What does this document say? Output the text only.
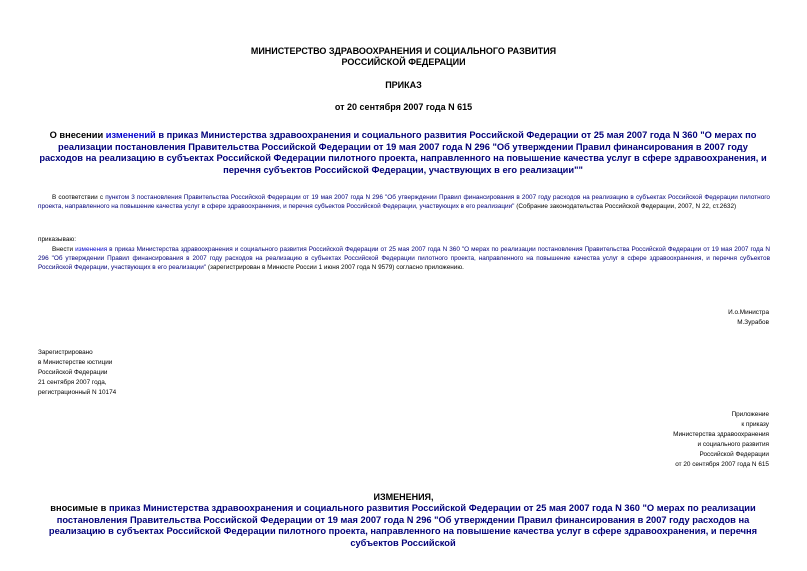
МИНИСТЕРСТВО ЗДРАВООХРАНЕНИЯ И СОЦИАЛЬНОГО РАЗВИТИЯ
РОССИЙСКОЙ ФЕДЕРАЦИИ
ПРИКАЗ
от 20 сентября 2007 года N 615
О внесении изменений в приказ Министерства здравоохранения и социального развития Российской Федерации от 25 мая 2007 года N 360 "О мерах по реализации постановления Правительства Российской Федерации от 19 мая 2007 года N 296 "Об утверждении Правил финансирования в 2007 году расходов на реализацию в субъектах Российской Федерации пилотного проекта, направленного на повышение качества услуг в сфере здравоохранения, и перечня субъектов Российской Федерации, участвующих в его реализации""
В соответствии с пунктом 3 постановления Правительства Российской Федерации от 19 мая 2007 года N 296 "Об утверждении Правил финансирования в 2007 году расходов на реализацию в субъектах Российской Федерации пилотного проекта, направленного на повышение качества услуг в сфере здравоохранения, и перечня субъектов Российской Федерации, участвующих в его реализации" (Собрание законодательства Российской Федерации, 2007, N 22, ст.2632)
приказываю:
Внести изменения в приказ Министерства здравоохранения и социального развития Российской Федерации от 25 мая 2007 года N 360 "О мерах по реализации постановления Правительства Российской Федерации от 19 мая 2007 года N 296 "Об утверждении Правил финансирования в 2007 году расходов на реализацию в субъектах Российской Федерации пилотного проекта, направленного на повышение качества услуг в сфере здравоохранения, и перечня субъектов Российской Федерации, участвующих в его реализации" (зарегистрирован в Минюсте России 1 июня 2007 года N 9579) согласно приложению.
И.о.Министра
М.Зурабов
Зарегистрировано
в Министерстве юстиции
Российской Федерации
21 сентября 2007 года,
регистрационный N 10174
Приложение
к приказу
Министерства здравоохранения
и социального развития
Российской Федерации
от 20 сентября 2007 года N 615
ИЗМЕНЕНИЯ,
вносимые в приказ Министерства здравоохранения и социального развития Российской Федерации от 25 мая 2007 года N 360 "О мерах по реализации постановления Правительства Российской Федерации от 19 мая 2007 года N 296 "Об утверждении Правил финансирования в 2007 году расходов на реализацию в субъектах Российской Федерации пилотного проекта, направленного на повышение качества услуг в сфере здравоохранения, и перечня субъектов Российской
